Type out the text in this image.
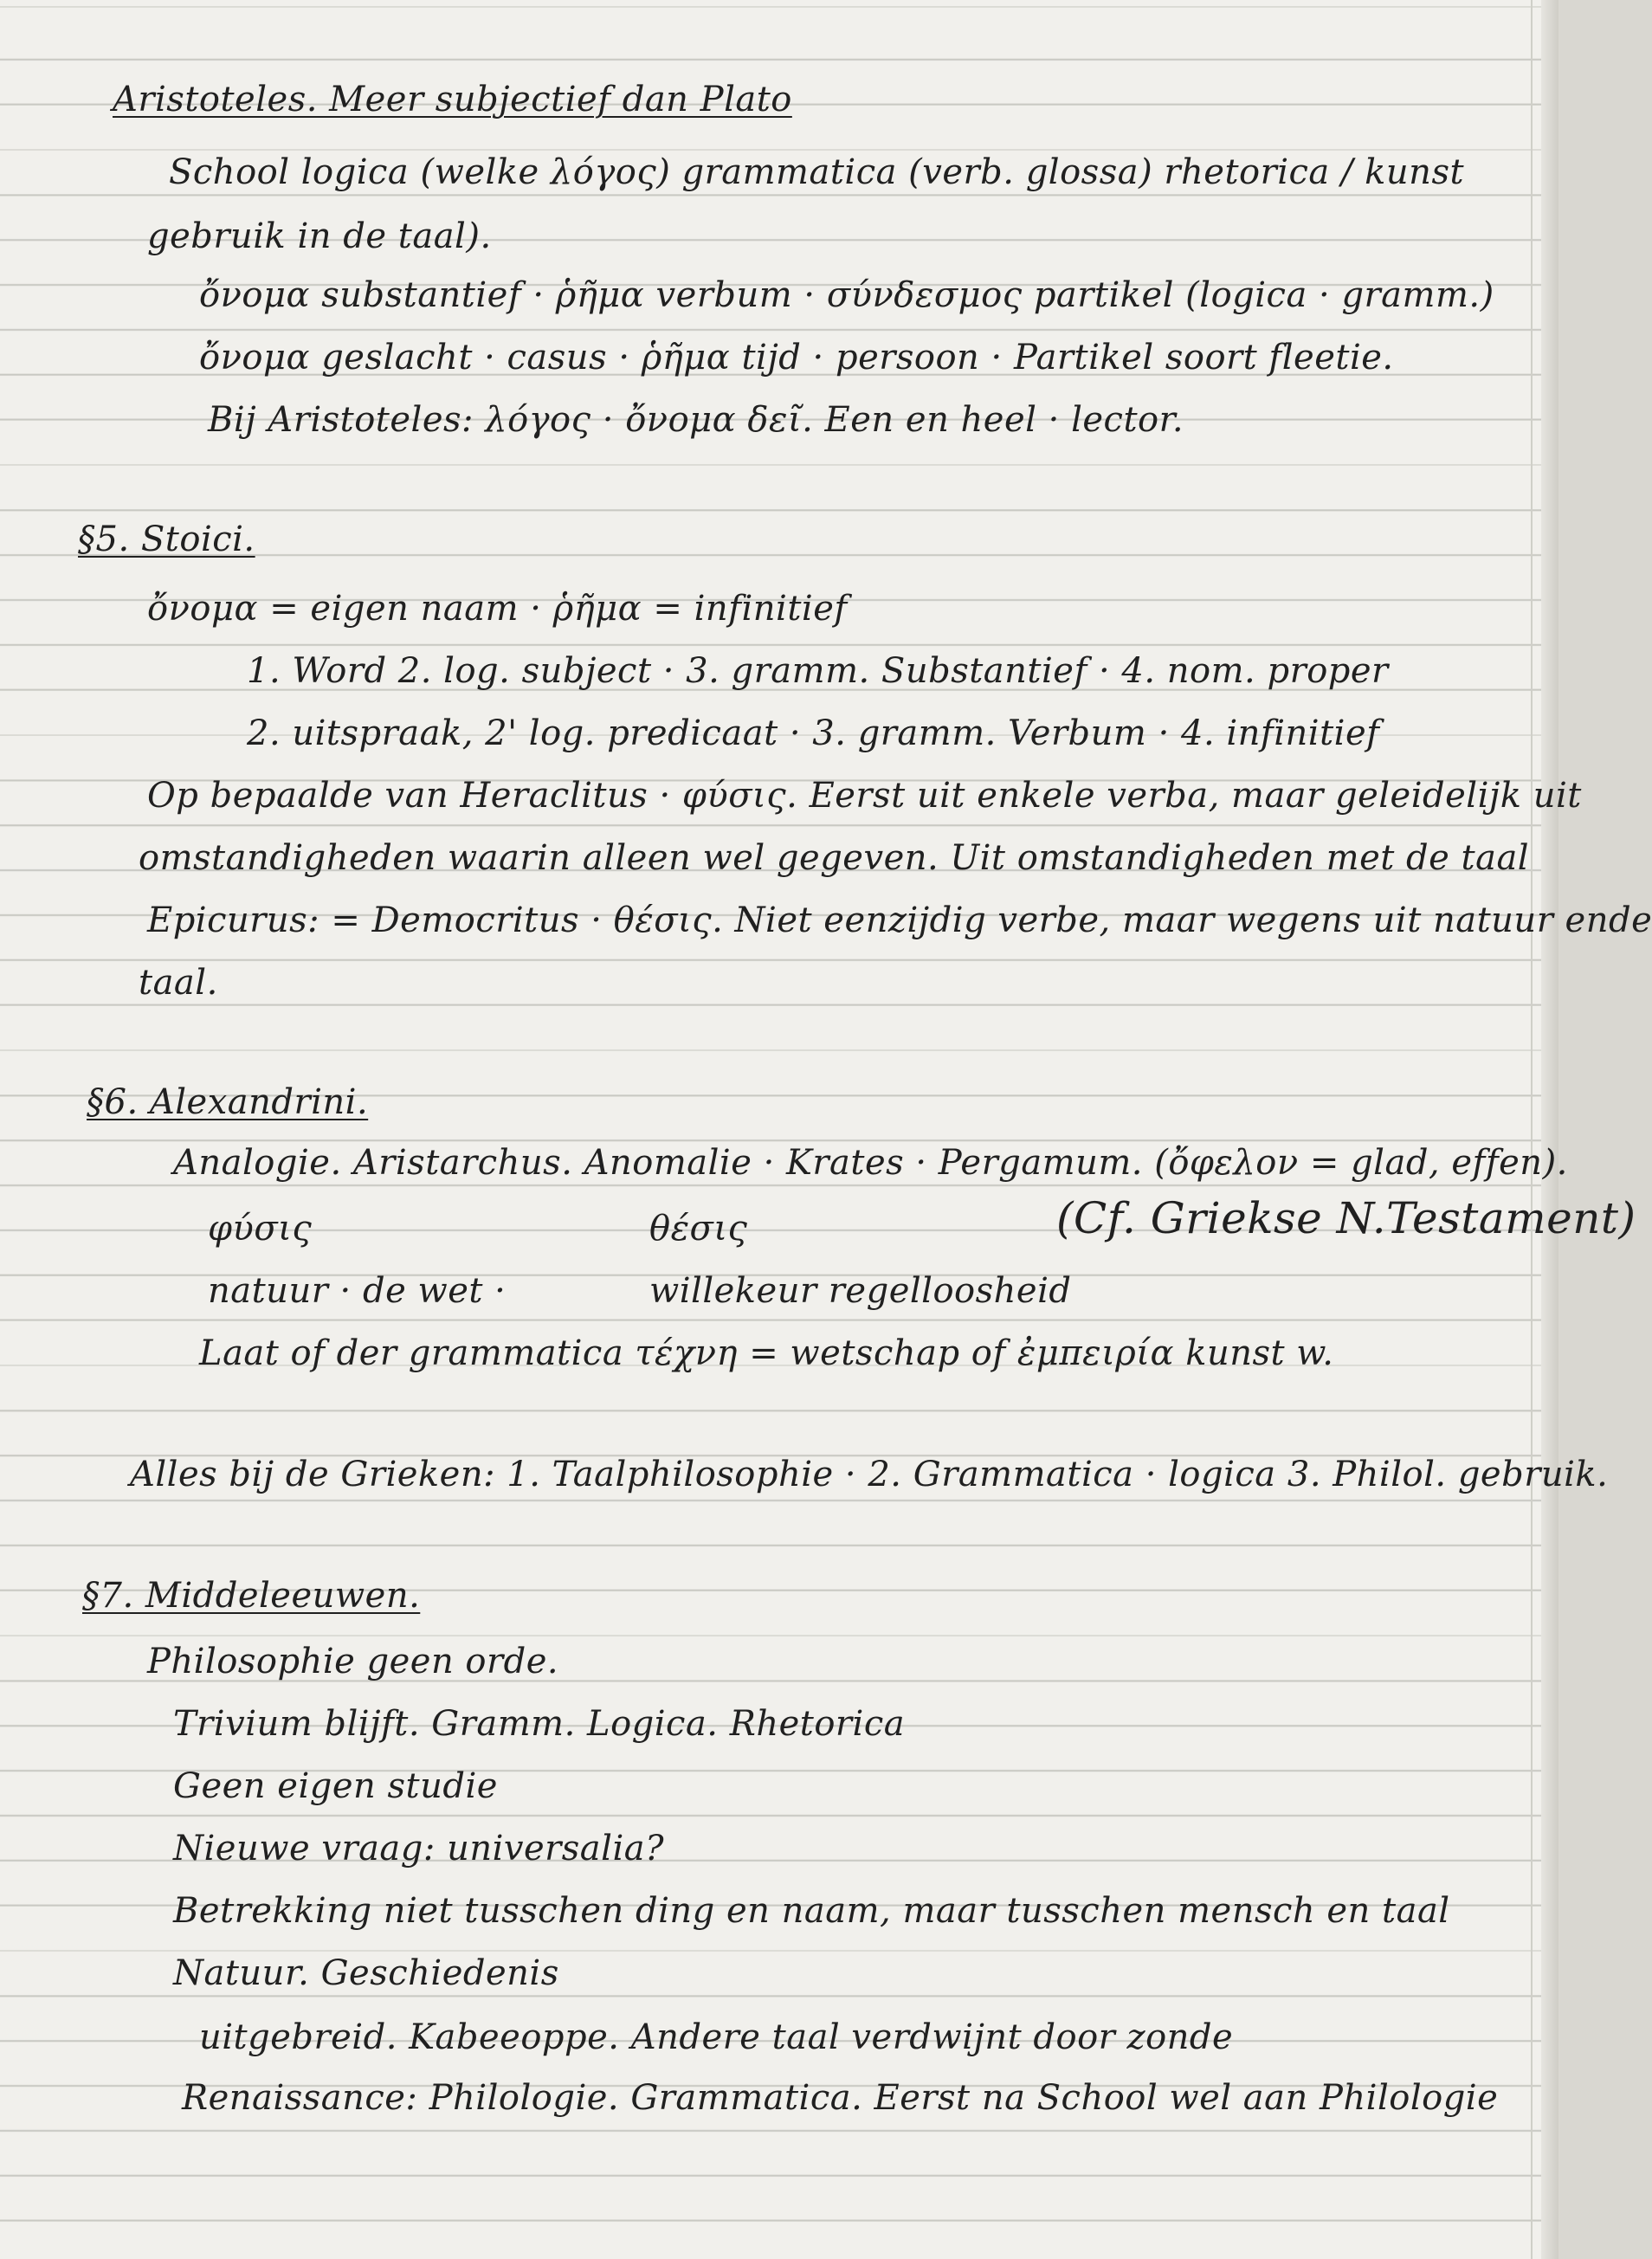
Aristoteles. Meer subjectief dan Plato
School logica (welke λόγος) grammatica (verb. glossa) rhetorica / kunst
gebruik in de taal).
ὄνομα substantief · ῥῆμα verbum · σύνδεσμος partikel (logica · gramm.)
ὄνομα geslacht · casus · ῥῆμα tijd · persoon · Partikel soort fleetie.
Bij Aristoteles: λόγος · ὄνομα δεῖ. Een en heel · lector.
§5. Stoici.
ὄνομα = eigen naam · ῥῆμα = infinitief
1. Word 2. log. subject · 3. gramm. Substantief · 4. nom. proper
2. uitspraak, 2' log. predicaat · 3. gramm. Verbum · 4. infinitief
Op bepaalde van Heraclitus · φύσις. Eerst uit enkele verba, maar geleidelijk uit
omstandigheden waarin alleen wel gegeven. Uit omstandigheden met de taal
Epicurus: = Democritus · θέσις. Niet eenzijdig verbe, maar wegens uit natuur ende
taal.
§6. Alexandrini.
Analogie. Aristarchus. Anomalie · Krates · Pergamum. (ὄφελον = glad, effen).
φύσις	θέσις	(Cf. Griekse N.Testament)
natuur · de wet ·	willekeur regelloosheid
Laat of der grammatica τέχνη = wetschap of ἐμπειρία kunst w.
Alles bij de Grieken: 1. Taalphilosophie · 2. Grammatica · logica 3. Philol. gebruik.
§7. Middeleeuwen.
Philosophie geen orde.
Trivium blijft. Gramm. Logica. Rhetorica
Geen eigen studie
Nieuwe vraag: universalia?
Betrekking niet tusschen ding en naam, maar tusschen mensch en taal
Natuur. Geschiedenis
uitgebreid. Kabeeoppe. Andere taal verdwijnt door zonde
Renaissance: Philologie. Grammatica. Eerst na School wel aan Philologie
